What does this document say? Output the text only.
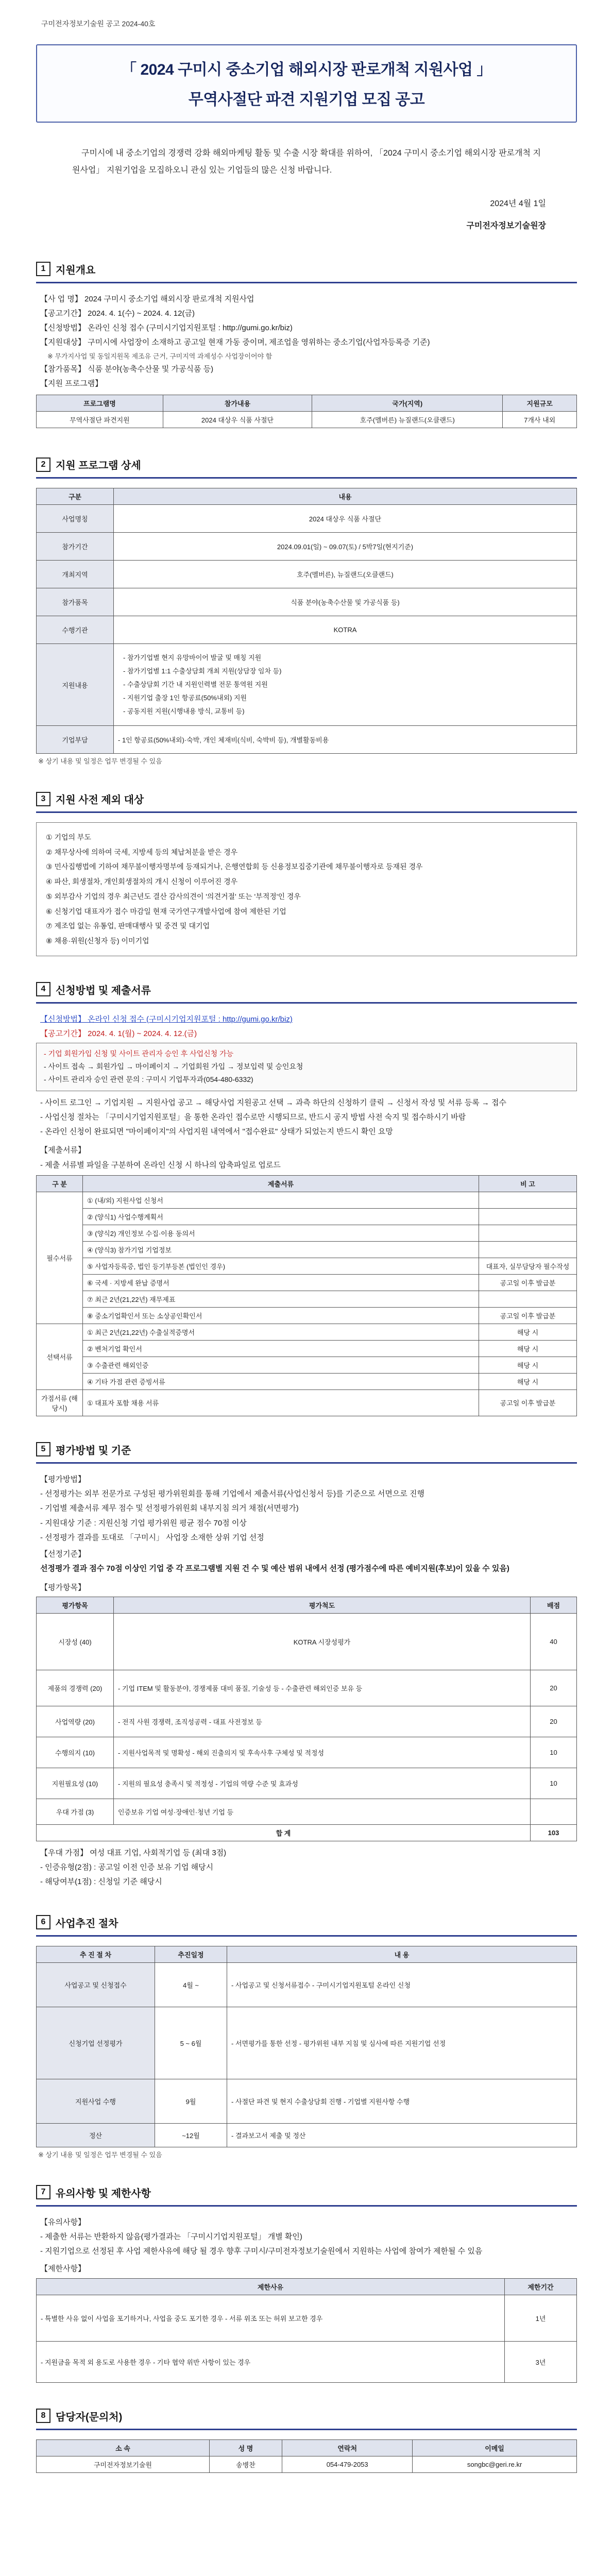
구미전자정보기술원 공고 2024-40호
「 2024 구미시 중소기업 해외시장 판로개척 지원사업 」
무역사절단 파견 지원기업 모집 공고
구미시에 내 중소기업의 경쟁력 강화 해외마케팅 활동 및 수출 시장 확대를 위하여, 「2024 구미시 중소기업 해외시장 판로개척 지원사업」 지원기업을 모집하오니 관심 있는 기업들의 많은 신청 바랍니다.
2024년 4월 1일
구미전자정보기술원장
1 지원개요
【사 업 명】 2024 구미시 중소기업 해외시장 판로개척 지원사업
【공고기간】 2024. 4. 1(수) ~ 2024. 4. 12(금)
【신청방법】 온라인 신청 접수 (구미시기업지원포털 : http://gumi.go.kr/biz)
【지원대상】 구미시에 사업장이 소재하고 공고일 현재 가동 중이며, 제조업을 영위하는 중소기업(사업자등록증 기준)
※ 무가지사업 및 동일지원목 제조유 근거, 구미지역 과제성수 사업장이어야 함
【참가품목】 식품 분야(농축수산물 및 가공식품 등)
【지원 프로그램】
프로그램명	참가내용	국가(지역)	지원규모
무역사절단 파견지원	2024 대상우 식품 사절단	호주(멜버른) 뉴질랜드(오클랜드)	7개사 내외
2 지원 프로그램 상세
구분	내용
사업명칭	2024 대상우 식품 사절단
참가기간	2024.09.01(일) ~ 09.07(토) / 5박7일(현지기준)
개최지역	호주(멜버른), 뉴질랜드(오클랜드)
참가품목	식품 분야(농축수산물 및 가공식품 등)
수행기관	KOTRA
지원내용	- 참가기업별 현지 유망바이어 발굴 및 매칭 지원
- 참가기업별 1:1 수출상담회 개최 지원(상담장 임차 등)
- 수출상담회 기간 내 지원인력별 전문 통역원 지원
- 지원기업 출장 1인 항공료(50%내외) 지원
- 공동지원 지원(시행내용 방식, 교통비 등)

기업부담	- 1인 항공료(50%내외)·숙박, 개인 체재비(식비, 숙박비 등), 개별활동비용
※ 상기 내용 및 일정은 업무 변경될 수 있음
3 지원 사전 제외 대상
① 기업의 부도
② 채무상사에 의하여 국세, 지방세 등의 체납처분을 받은 경우
③ 민사집행법에 기하여 채무불이행자명부에 등재되거나, 은행연합회 등 신용정보집중기관에 채무불이행자로 등재된 경우
④ 파산, 회생절차, 개인회생절차의 개시 신청이 이루어진 경우
⑤ 외부감사 기업의 경우 최근년도 결산 감사의견이 '의견거절' 또는 '부적정'인 경우
⑥ 신청기업 대표자가 접수 마감일 현재 국가연구개발사업에 참여 제한된 기업
⑦ 제조업 없는 유통업, 판매대행사 및 중견 및 대기업
⑧ 채용·위원(신청자 등) 이미기업
4 신청방법 및 제출서류
【신청방법】 온라인 신청 접수 (구미시기업지원포털 : http://gumi.go.kr/biz)
【공고기간】 2024. 4. 1(월) ~ 2024. 4. 12.(금)
- 기업 회원가입 신청 및 사이트 관리자 승인 후 사업신청 가능
- 사이트 접속 → 회원가입 → 마이페이지 → 기업회원 가입 → 정보입력 및 승인요청
- 사이트 관리자 승인 관련 문의 : 구미시 기업투자과(054-480-6332)
- 사이트 로그인 → 기업지원 → 지원사업 공고 → 해당사업 지원공고 선택 → 과측 하단의 신청하기 클릭 → 신청서 작성 및 서류 등록 → 접수
- 사업신청 절차는 「구미시기업지원포털」을 통한 온라인 접수로만 시행되므로, 반드시 공지 방법 사전 숙지 및 접수하시기 바람
- 온라인 신청이 완료되면 "마이페이지"의 사업지원 내역에서 "접수완료" 상태가 되었는지 반드시 확인 요망
【제출서류】
- 제출 서류별 파일을 구분하여 온라인 신청 시 하나의 압축파일로 업로드
구 분	제출서류	비 고
필수서류	① (내/외) 지원사업 신청서	
	② (양식1) 사업수행계획서	
	③ (양식2) 개인정보 수집·이용 동의서	
	④ (양식3) 참가기업 기업정보	
	⑤ 사업자등록증, 법인 등기부등본 (법인인 경우)	대표자, 실무담당자 필수작성
	⑥ 국세 · 지방세 완납 증명서	공고일 이후 발급분
	⑦ 최근 2년(21,22년) 재무제표	
	⑧ 중소기업확인서 또는 소상공인확인서	공고일 이후 발급분
선택서류	① 최근 2년(21,22년) 수출실적증명서	해당 시
	② 벤처기업 확인서	해당 시
	③ 수출관련 해외인증	해당 시
	④ 기타 가점 관련 증빙서류	해당 시
가점서류 (해당시)	① 대표자 포함 채용 서류	공고일 이후 발급분
5 평가방법 및 기준
【평가방법】
- 선정평가는 외부 전문가로 구성된 평가위원회를 통해 기업에서 제출서류(사업신청서 등)를 기준으로 서면으로 진행
- 기업별 제출서류 제무 점수 및 선정평가위원회 내부지침 의거 채점(서면평가)
- 지원대상 기준 : 지원신청 기업 평가위원 평균 점수 70점 이상
- 선정평가 결과를 토대로 「구미시」 사업장 소재한 상위 기업 선정
【선정기준】
선정평가 결과 점수 70점 이상인 기업 중 각 프로그램별 지원 건 수 및 예산 범위 내에서 선정 (평가점수에 따른 예비지원(후보)이 있을 수 있음)
【평가항목】
평가항목	평가척도	배점
시장성 (40)	KOTRA 시장성평가	40
제품의 경쟁력 (20)	- 기업 ITEM 및 활동분야, 경쟁제품 대비 품질, 기술성 등 - 수출관련 해외인증 보유 등	20
사업역량 (20)	- 전직 사원 경쟁력, 조직성공력 - 대표 사전정보 등	20
수행의지 (10)	- 지원사업목적 및 명확성 - 해외 진출의지 및 후속사후 구체성 및 적정성	10
지원필요성 (10)	- 지원의 필요성 충족시 및 적정성 - 기업의 역량 수준 및 효과성	10
우대 가점 (3)	인증보유 기업 여성·장애인·청년 기업 등	
합 계		103
【우대 가점】 여성 대표 기업, 사회적기업 등 (최대 3점)
- 인증유형(2점) : 공고일 이전 인증 보유 기업 해당시
- 해당여부(1점) : 신청일 기준 해당시
6 사업추진 절차
추 진 절 차	추진일정	내 용
사업공고 및 신청접수	4월 ~	- 사업공고 및 신청서류접수 - 구미시기업지원포털 온라인 신청
신청기업 선정평가	5 ~ 6월	- 서면평가를 통한 선정 - 평가위원 내부 지침 및 심사에 따른 지원기업 선정
지원사업 수행	9월	- 사절단 파견 및 현지 수출상담회 진행 - 기업별 지원사항 수행
정산	~12월	- 결과보고서 제출 및 정산
※ 상기 내용 및 일정은 업무 변경될 수 있음
7 유의사항 및 제한사항
【유의사항】
- 제출한 서류는 반환하지 않음(평가결과는 「구미시기업지원포털」 개별 확인)
- 지원기업으로 선정된 후 사업 제한사유에 해당 될 경우 향후 구미시/구미전자정보기술원에서 지원하는 사업에 참여가 제한될 수 있음
【제한사항】
제한사유	제한기간
- 특별한 사유 없이 사업을 포기하거나, 사업을 중도 포기한 경우 - 서류 위조 또는 허위 보고한 경우	1년
- 지원금을 목적 외 용도로 사용한 경우 - 기타 협약 위반 사항이 있는 경우	3년
8 담당자(문의처)
소 속	성 명	연락처	이메일
구미전자정보기술원	송병찬	054-479-2053	songbc@geri.re.kr
